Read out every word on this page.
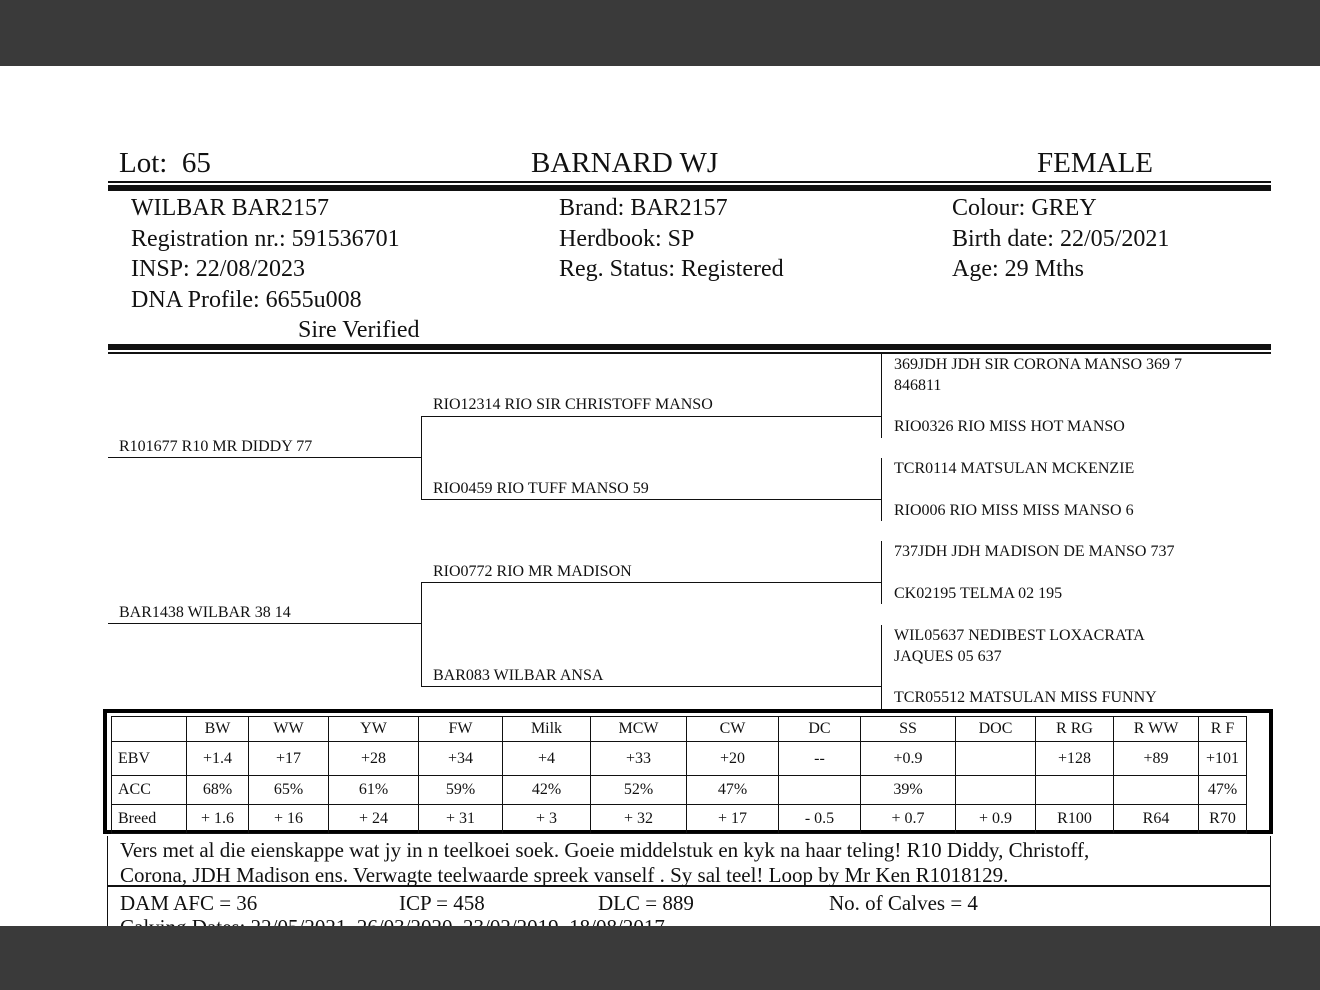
Lot: 65	BARNARD WJ	FEMALE
WILBAR BAR2157
Registration nr.: 591536701
INSP: 22/08/2023
DNA Profile: 6655u008
Sire Verified
Brand: BAR2157
Herdbook: SP
Reg. Status: Registered
Colour: GREY
Birth date: 22/05/2021
Age: 29 Mths
R101677 R10 MR DIDDY 77
BAR1438 WILBAR 38 14
RIO12314 RIO SIR CHRISTOFF MANSO
RIO0459 RIO TUFF MANSO 59
RIO0772 RIO MR MADISON
BAR083 WILBAR ANSA
369JDH JDH SIR CORONA MANSO 369 7
846811
RIO0326 RIO MISS HOT MANSO
TCR0114 MATSULAN MCKENZIE
RIO006 RIO MISS MISS MANSO 6
737JDH JDH MADISON DE MANSO 737
CK02195 TELMA 02 195
WIL05637 NEDIBEST LOXACRATA
JAQUES 05 637
TCR05512 MATSULAN MISS FUNNY
	BW	WW	YW	FW	Milk	MCW	CW	DC	SS	DOC	R RG	R WW	R F
EBV	+1.4	+17	+28	+34	+4	+33	+20	--	+0.9		+128	+89	+101
ACC	68%	65%	61%	59%	42%	52%	47%		39%				47%
Breed	+ 1.6	+ 16	+ 24	+ 31	+ 3	+ 32	+ 17	- 0.5	+ 0.7	+ 0.9	R100	R64	R70
Vers met al die eienskappe wat jy in n teelkoei soek. Goeie middelstuk en kyk na haar teling! R10 Diddy, Christoff,
Corona, JDH Madison ens. Verwagte teelwaarde spreek vanself . Sy sal teel! Loop by Mr Ken R1018129.
DAM AFC = 36	ICP = 458	DLC = 889	No. of Calves = 4
